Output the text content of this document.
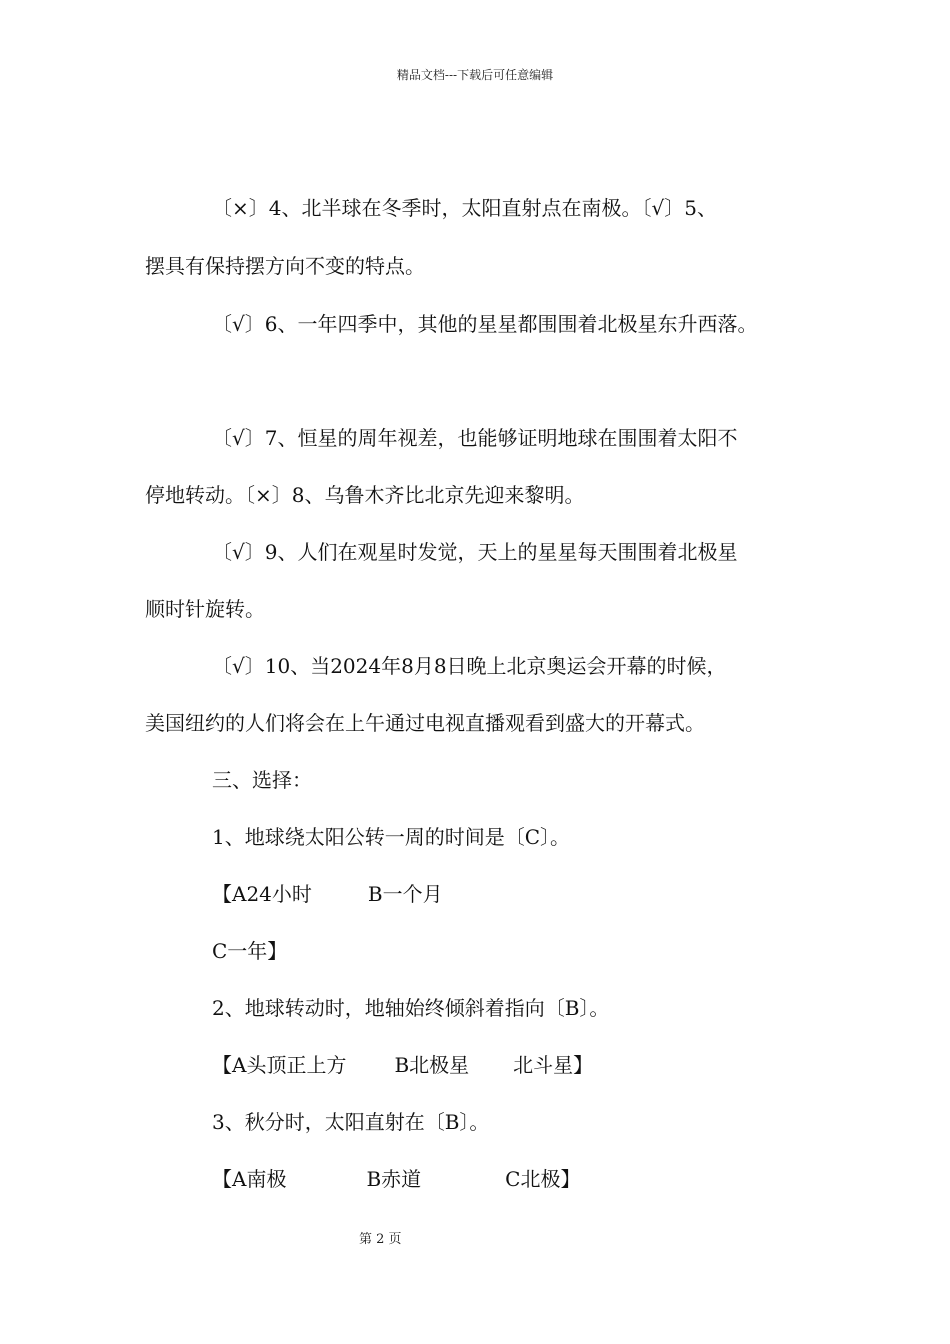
精品文档---下载后可任意编辑
〔×〕4、北半球在冬季时，太阳直射点在南极。〔√〕5、
摆具有保持摆方向不变的特点。
〔√〕6、一年四季中，其他的星星都围围着北极星东升西落。
〔√〕7、恒星的周年视差，也能够证明地球在围围着太阳不
停地转动。〔×〕8、乌鲁木齐比北京先迎来黎明。
〔√〕9、人们在观星时发觉，天上的星星每天围围着北极星
顺时针旋转。
〔√〕10、当2024年8月8日晚上北京奥运会开幕的时候，
美国纽约的人们将会在上午通过电视直播观看到盛大的开幕式。
三、选择：
1、地球绕太阳公转一周的时间是〔C〕。
【A24小时	B一个月
C一年】
2、地球转动时，地轴始终倾斜着指向〔B〕。
【A头顶正上方 B北极星 北斗星】
3、秋分时，太阳直射在〔B〕。
【A南极	B赤道	C北极】
第 2 页
